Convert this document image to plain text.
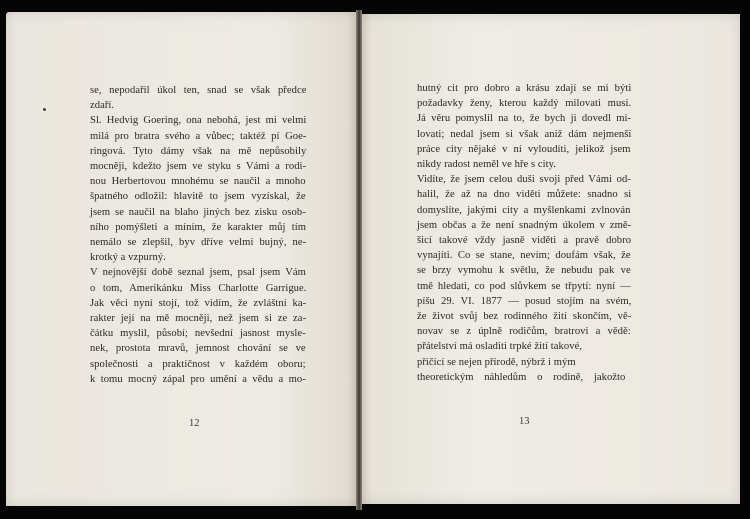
se, nepodařil úkol ten, snad se však předce
zdaří.
Sl. Hedvig Goering, ona nebohá, jest mi velmi
milá pro bratra svého a vůbec; taktéž pí Goe-
ringová. Tyto dámy však na mě nepůsobily
mocněji, kdežto jsem ve styku s Vámi a rodi-
nou Herbertovou mnohému se naučil a mnoho
špatného odložil: hlavitě to jsem vyzískal, že
jsem se naučil na blaho jiných bez zisku osob-
ního pomýšleti a míním, že karakter můj tím
nemálo se zlepšil, byv dříve velmi bujný, ne-
krotký a vzpurný.
V nejnovější době seznal jsem, psal jsem Vám
o tom, Amerikánku Miss Charlotte Garrigue.
Jak věci nyní stojí, tož vidím, že zvláštní ka-
rakter její na mě mocněji, než jsem si ze za-
čátku myslil, působí; nevšední jasnost mysle-
nek, prostota mravů, jemnost chování se ve
společnosti a praktičnost v každém oboru;
k tomu mocný zápal pro umění a vědu a mo-
hutný cit pro dobro a krásu zdají se mi býti
požadavky ženy, kterou každý milovati musí.
Já věru pomyslil na to, že bych ji dovedl mi-
lovati; nedal jsem si však aniž dám nejmenší
práce city nějaké v ní vyloudíti, jelikož jsem
nikdy radost neměl ve hře s city.
Vidíte, že jsem celou duši svoji před Vámi od-
halil, že až na dno viděti můžete: snadno si
domyslíte, jakými city a myšlenkami zvlnován
jsem občas a že není snadným úkolem v změ-
šicí takové vždy jasně viděti a pravě dobro
vynajíti. Co se stane, nevím; doufám však, že
se brzy vymohu k světlu, že nebudu pak ve
tmě hledati, co pod slůvkem se třpytí: nyní —
píšu 29. VI. 1877 — posud stojím na svém,
že život svůj bez rodinného žití skončím, vě-
novav se z úplně rodičům, bratrovi a vědě:
přátelství má osladiti trpké žití takové,
přičící se nejen přírodě, nýbrž i mým
theoretickým náhledům o rodině, jakožto
12	13
